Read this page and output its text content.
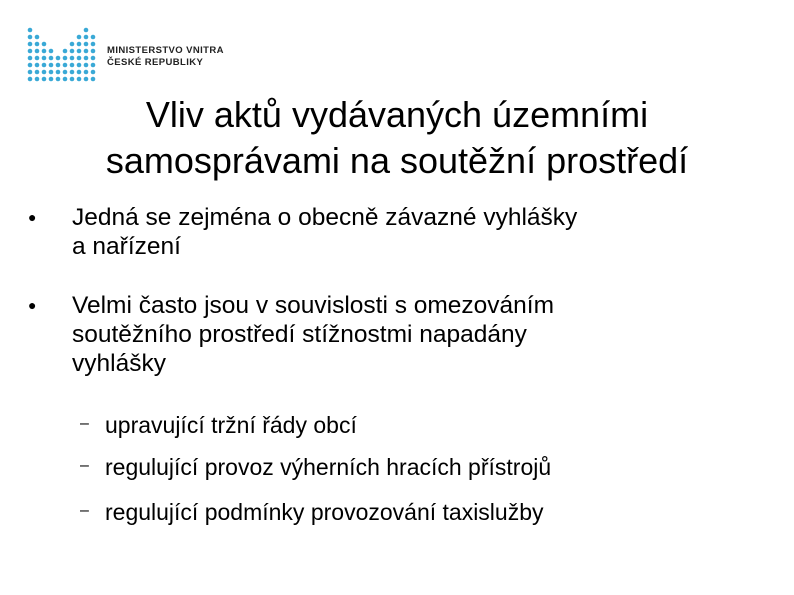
MINISTERSTVO VNITRA
ČESKÉ REPUBLIKY
Vliv aktů vydávaných územními
samosprávami na soutěžní prostředí
● Jedná se zejména o obecně závazné vyhlášky
a nařízení
● Velmi často jsou v souvislosti s omezováním
soutěžního prostředí stížnostmi napadány
vyhlášky
– upravující tržní řády obcí
– regulující provoz výherních hracích přístrojů
– regulující podmínky provozování taxislužby
